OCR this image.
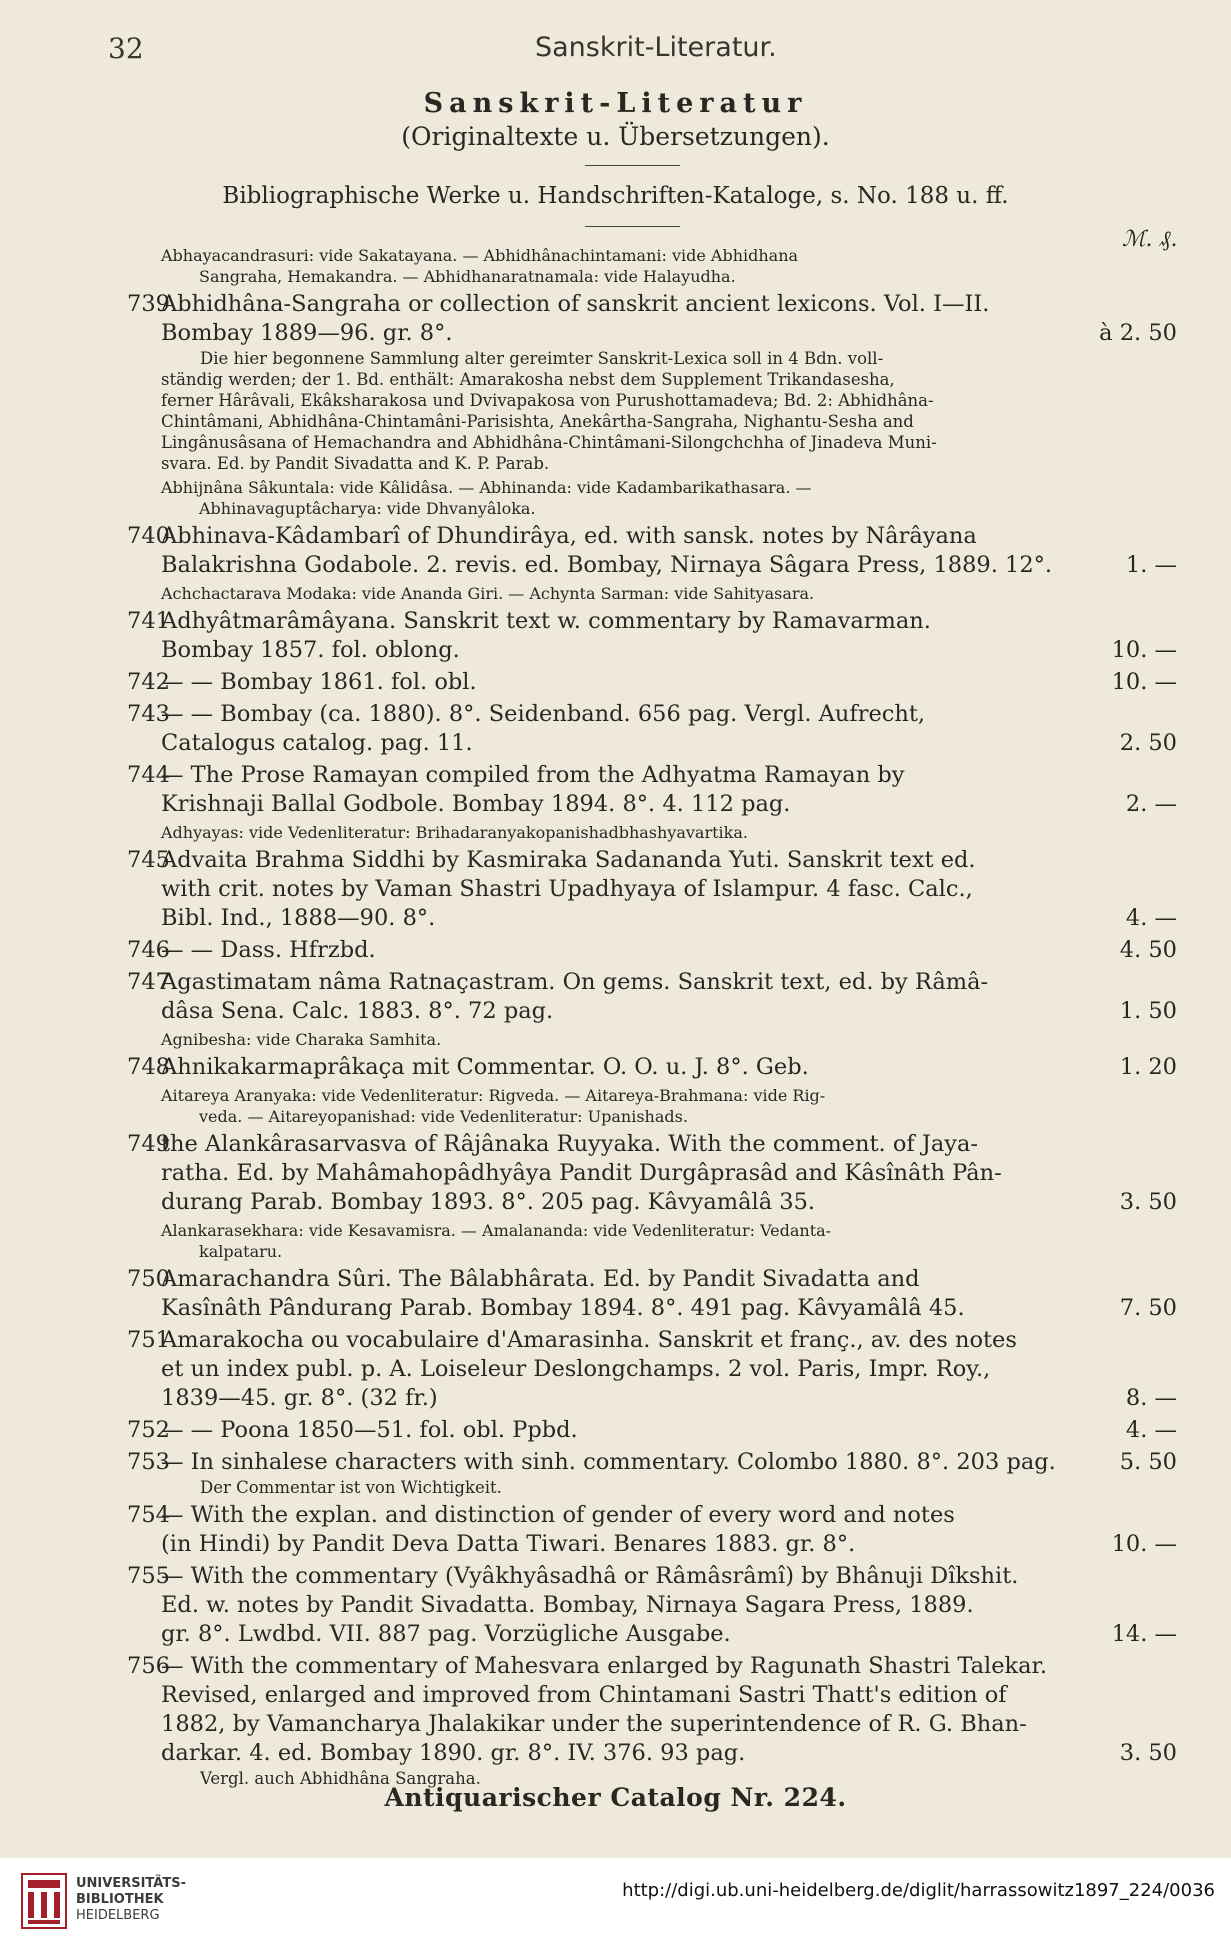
32	Sanskrit-Literatur.
Sanskrit-Literatur
(Originaltexte u. Übersetzungen).
Bibliographische Werke u. Handschriften-Kataloge, s. No. 188 u. ff.
ℳ. ₰.
Abhayacandrasuri: vide Sakatayana. — Abhidhânachintamani: vide Abhidhana
Sangraha, Hemakandra. — Abhidhanaratnamala: vide Halayudha.
739Abhidhâna-Sangraha or collection of sanskrit ancient lexicons. Vol. I—II.
Bombay 1889—96. gr. 8°.	à 2. 50
Die hier begonnene Sammlung alter gereimter Sanskrit-Lexica soll in 4 Bdn. voll-
ständig werden; der 1. Bd. enthält: Amarakosha nebst dem Supplement Trikandasesha,
ferner Hârâvali, Ekâksharakosa und Dvivapakosa von Purushottamadeva; Bd. 2: Abhidhâna-
Chintâmani, Abhidhâna-Chintamâni-Parisishta, Anekârtha-Sangraha, Nighantu-Sesha and
Lingânusâsana of Hemachandra and Abhidhâna-Chintâmani-Silongchchha of Jinadeva Muni-
svara. Ed. by Pandit Sivadatta and K. P. Parab.
Abhijnâna Sâkuntala: vide Kâlidâsa. — Abhinanda: vide Kadambarikathasara. —
Abhinavaguptâcharya: vide Dhvanyâloka.
740Abhinava-Kâdambarî of Dhundirâya, ed. with sansk. notes by Nârâyana
Balakrishna Godabole. 2. revis. ed. Bombay, Nirnaya Sâgara Press, 1889. 12°.	1. —
Achchactarava Modaka: vide Ananda Giri. — Achynta Sarman: vide Sahityasara.
741Adhyâtmarâmâyana. Sanskrit text w. commentary by Ramavarman.
Bombay 1857. fol. oblong.	10. —
742— — Bombay 1861. fol. obl.	10. —
743— — Bombay (ca. 1880). 8°. Seidenband. 656 pag. Vergl. Aufrecht,
Catalogus catalog. pag. 11.	2. 50
744— The Prose Ramayan compiled from the Adhyatma Ramayan by
Krishnaji Ballal Godbole. Bombay 1894. 8°. 4. 112 pag.	2. —
Adhyayas: vide Vedenliteratur: Brihadaranyakopanishadbhashyavartika.
745Advaita Brahma Siddhi by Kasmiraka Sadananda Yuti. Sanskrit text ed.
with crit. notes by Vaman Shastri Upadhyaya of Islampur. 4 fasc. Calc.,
Bibl. Ind., 1888—90. 8°.	4. —
746— — Dass. Hfrzbd.	4. 50
747Agastimatam nâma Ratnaçastram. On gems. Sanskrit text, ed. by Râmâ-
dâsa Sena. Calc. 1883. 8°. 72 pag.	1. 50
Agnibesha: vide Charaka Samhita.
748Ahnikakarmaprâkaça mit Commentar. O. O. u. J. 8°. Geb.	1. 20
Aitareya Aranyaka: vide Vedenliteratur: Rigveda. — Aitareya-Brahmana: vide Rig-
veda. — Aitareyopanishad: vide Vedenliteratur: Upanishads.
749the Alankârasarvasva of Râjânaka Ruyyaka. With the comment. of Jaya-
ratha. Ed. by Mahâmahopâdhyâya Pandit Durgâprasâd and Kâsînâth Pân-
durang Parab. Bombay 1893. 8°. 205 pag. Kâvyamâlâ 35.	3. 50
Alankarasekhara: vide Kesavamisra. — Amalananda: vide Vedenliteratur: Vedanta-
kalpataru.
750Amarachandra Sûri. The Bâlabhârata. Ed. by Pandit Sivadatta and
Kasînâth Pândurang Parab. Bombay 1894. 8°. 491 pag. Kâvyamâlâ 45.	7. 50
751Amarakocha ou vocabulaire d'Amarasinha. Sanskrit et franç., av. des notes
et un index publ. p. A. Loiseleur Deslongchamps. 2 vol. Paris, Impr. Roy.,
1839—45. gr. 8°. (32 fr.)	8. —
752— — Poona 1850—51. fol. obl. Ppbd.	4. —
753— In sinhalese characters with sinh. commentary. Colombo 1880. 8°. 203 pag.	5. 50
Der Commentar ist von Wichtigkeit.
754— With the explan. and distinction of gender of every word and notes
(in Hindi) by Pandit Deva Datta Tiwari. Benares 1883. gr. 8°.	10. —
755— With the commentary (Vyâkhyâsadhâ or Râmâsrâmî) by Bhânuji Dîkshit.
Ed. w. notes by Pandit Sivadatta. Bombay, Nirnaya Sagara Press, 1889.
gr. 8°. Lwdbd. VII. 887 pag. Vorzügliche Ausgabe.	14. —
756— With the commentary of Mahesvara enlarged by Ragunath Shastri Talekar.
Revised, enlarged and improved from Chintamani Sastri Thatt's edition of
1882, by Vamancharya Jhalakikar under the superintendence of R. G. Bhan-
darkar. 4. ed. Bombay 1890. gr. 8°. IV. 376. 93 pag.	3. 50
Vergl. auch Abhidhâna Sangraha.
Antiquarischer Catalog Nr. 224.
UNIVERSITÄTS-
BIBLIOTHEK
HEIDELBERG
http://digi.ub.uni-heidelberg.de/diglit/harrassowitz1897_224/0036
